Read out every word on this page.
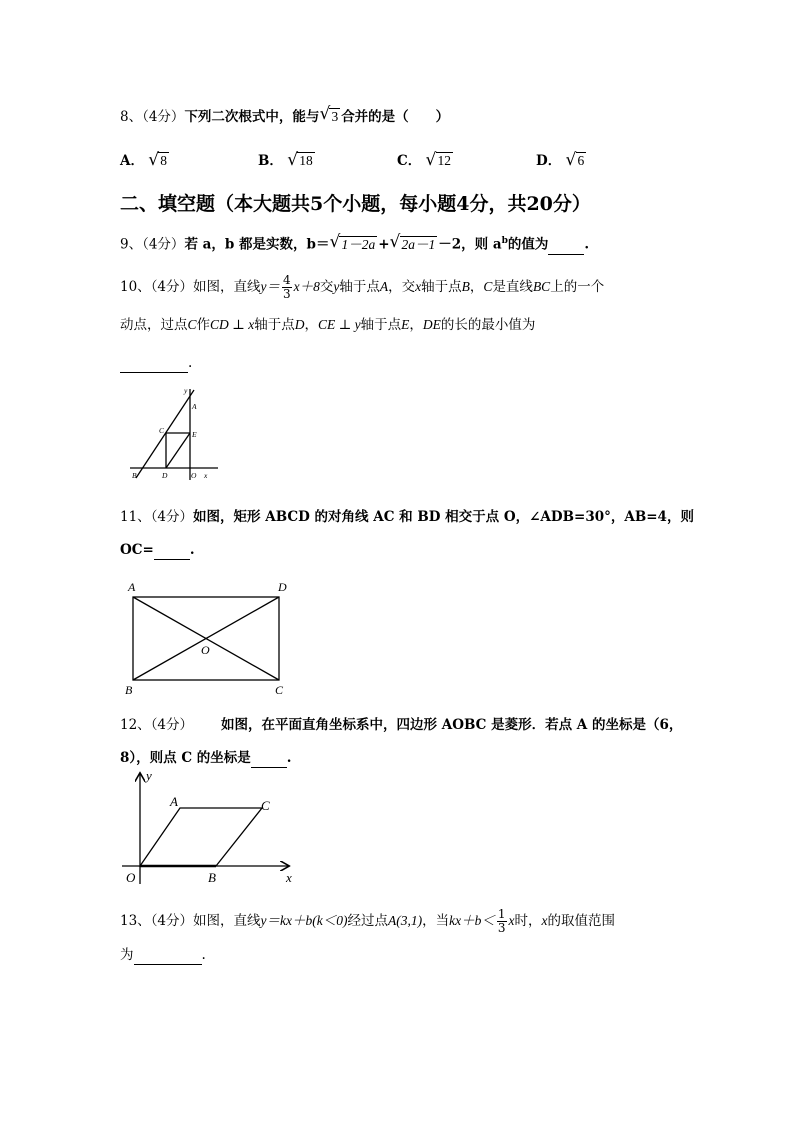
8、（4分）下列二次根式中，能与 √ 3 合并的是（　　）
A． √ 8	B． √ 18	C． √ 12	D． √ 6
二、填空题（本大题共5个小题，每小题4分，共20分）
9、（4分）若 a，b 都是实数，b＝ √ 1－2a + √ 2a－1 －2，则 $a^b$的值为	.
10、（4分）如图，直线$y= \frac{4}{3} x+8$交y轴于点A，交x轴于点B，C是直线BC上的一个
动点，过点C作CD ⊥ x轴于点D，CE ⊥ y轴于点E，DE的长的最小值为
.
y
A
C	E
B	D	O x
11、（4分）如图，矩形 ABCD 的对角线 AC 和 BD 相交于点 O，∠ADB=30°，AB=4，则
OC=	.
A	D
O
B	C
12、（4分） 如图，在平面直角坐标系中，四边形 AOBC 是菱形．若点 A 的坐标是（6，
8），则点 C 的坐标是	.
y
A	C
O	B	x
13、（4分）如图，直线y＝kx＋b(k＜0)经过点A(3,1)，当$kx+b< \frac{1}{3}$ x时，x的取值范围
为	.
